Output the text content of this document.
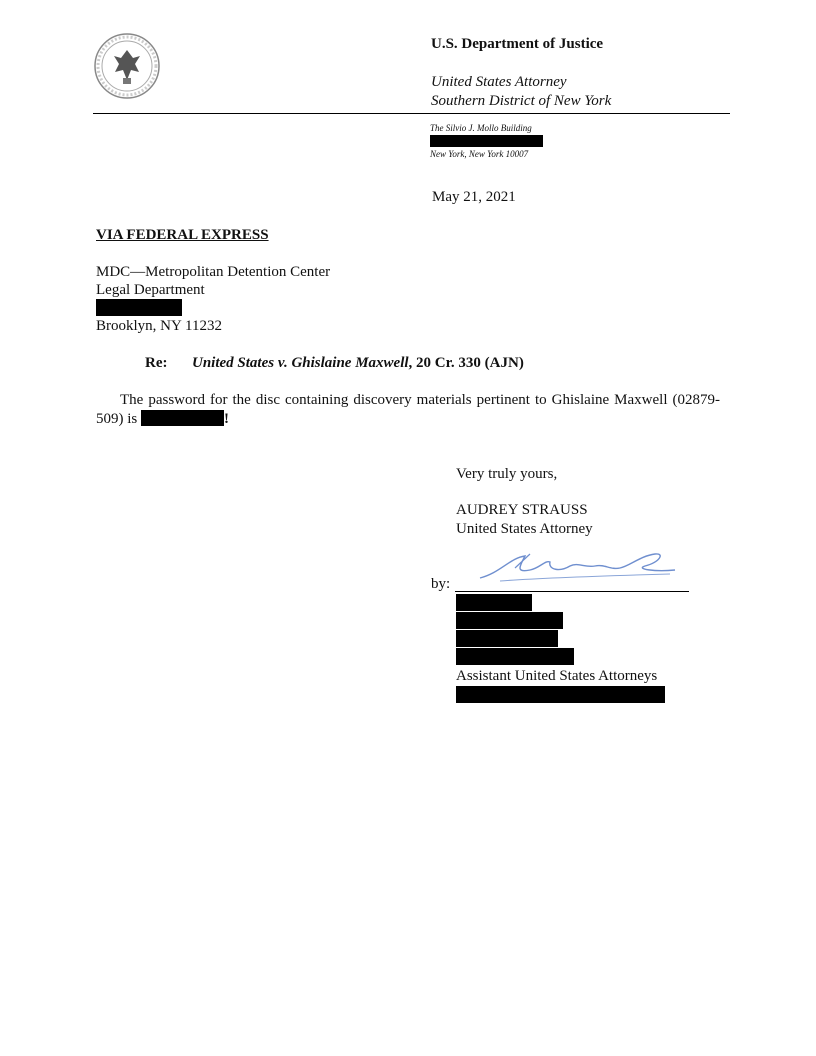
U.S. Department of Justice
United States Attorney
Southern District of New York
The Silvio J. Mollo Building
New York, New York 10007
May 21, 2021
VIA FEDERAL EXPRESS
MDC—Metropolitan Detention Center
Legal Department
Brooklyn, NY 11232
Re: United States v. Ghislaine Maxwell, 20 Cr. 330 (AJN)
The password for the disc containing discovery materials pertinent to Ghislaine Maxwell (02879-509) is	!
Very truly yours,
AUDREY STRAUSS
United States Attorney
by:
Assistant United States Attorneys
